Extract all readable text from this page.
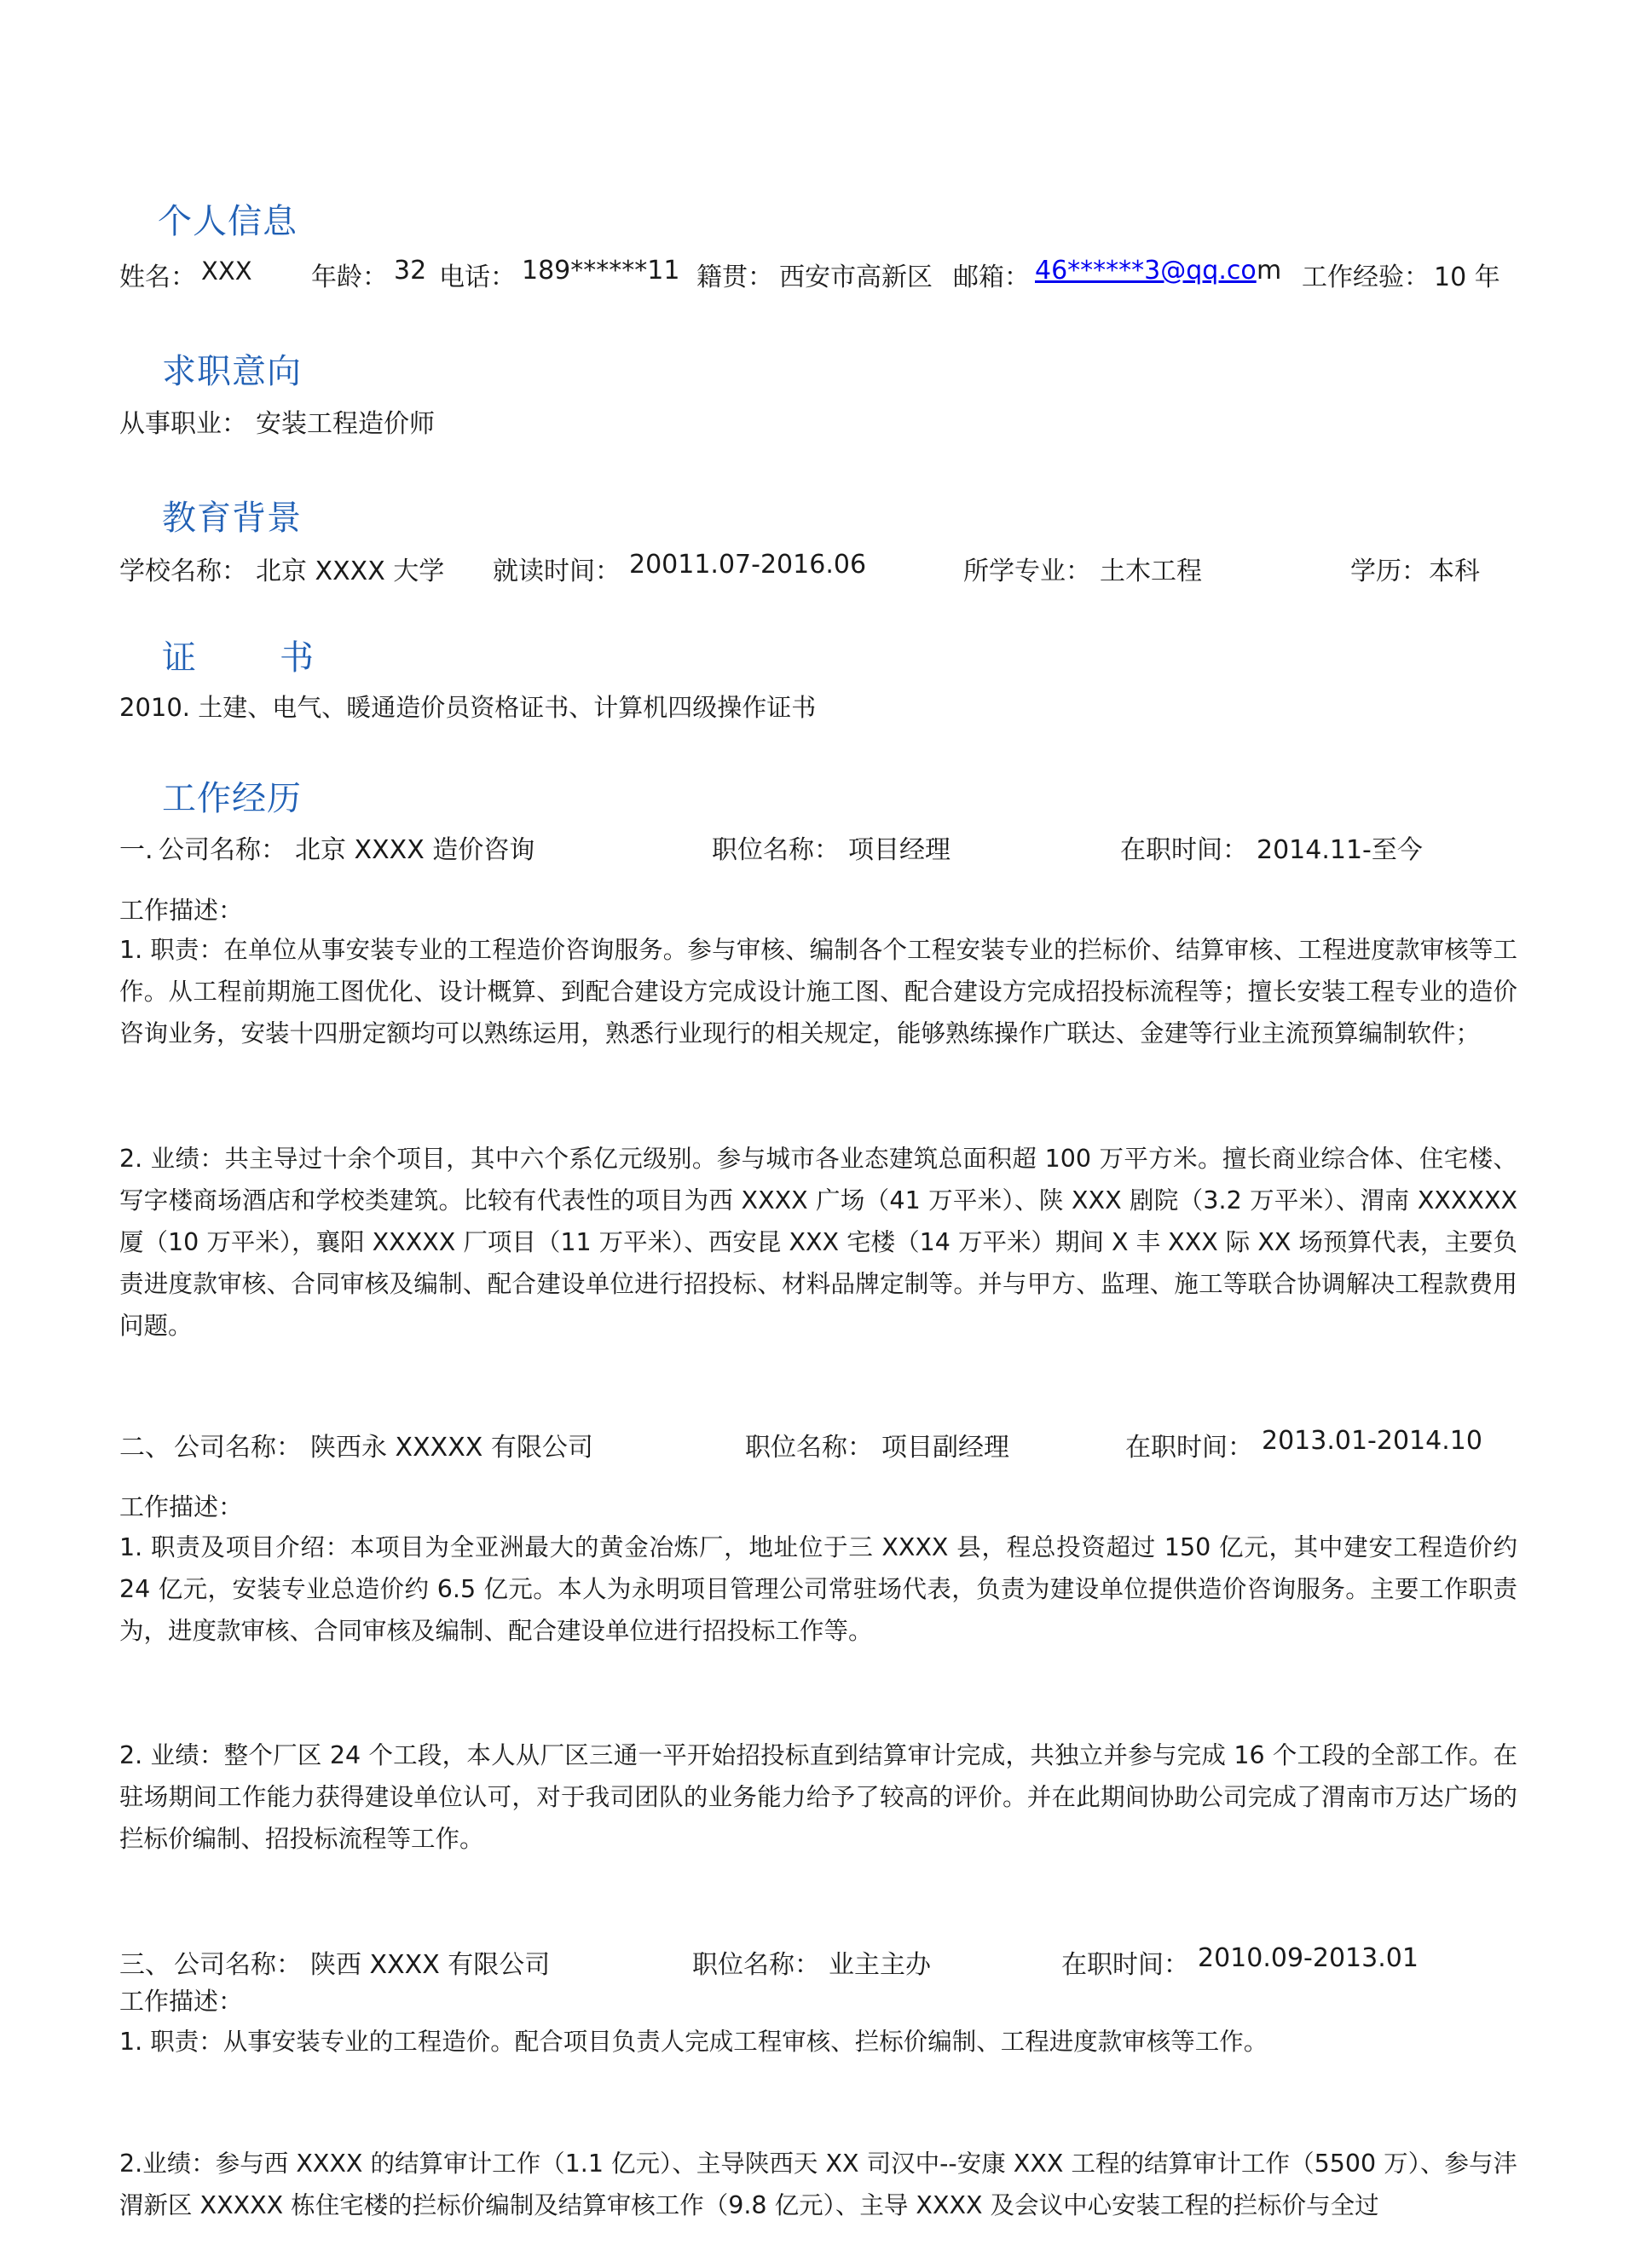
个人信息
姓名： XXX 年龄： 32 电话： 189******11 籍贯： 西安市高新区 邮箱： 46******3@qq.co m 工作经验： 10 年
求职意向
从事职业： 安装工程造价师
教育背景
学校名称： 北京 XXXX 大学 就读时间： 20011.07-2016.06	所学专业： 土木工程	学历： 本科
证 书
2010. 土建、电气、暖通造价员资格证书、计算机四级操作证书
工作经历
一. 公司名称： 北京 XXXX 造价咨询	职位名称： 项目经理	在职时间： 2014.11-至今
工作描述：
1. 职责：在单位从事安装专业的工程造价咨询服务。参与审核、编制各个工程安装专业的拦标价、结算审核、工程进度款审核等工作。从工程前期施工图优化、设计概算、到配合建设方完成设计施工图、配合建设方完成招投标流程等；擅长安装工程专业的造价咨询业务，安装十四册定额均可以熟练运用，熟悉行业现行的相关规定，能够熟练操作广联达、金建等行业主流预算编制软件；
2. 业绩：共主导过十余个项目，其中六个系亿元级别。参与城市各业态建筑总面积超 100 万平方米。擅长商业综合体、住宅楼、写字楼商场酒店和学校类建筑。比较有代表性的项目为西 XXXX 广场（41 万平米）、陕 XXX 剧院（3.2 万平米）、渭南 XXXXXX 厦（10 万平米），襄阳 XXXXX 厂项目（11 万平米）、西安昆 XXX 宅楼（14 万平米）期间 X 丰 XXX 际 XX 场预算代表，主要负责进度款审核、合同审核及编制、配合建设单位进行招投标、材料品牌定制等。并与甲方、监理、施工等联合协调解决工程款费用问题。
二、 公司名称： 陕西永 XXXXX 有限公司	职位名称： 项目副经理	在职时间： 2013.01-2014.10
工作描述：
1. 职责及项目介绍：本项目为全亚洲最大的黄金冶炼厂，地址位于三 XXXX 县，程总投资超过 150 亿元，其中建安工程造价约 24 亿元，安装专业总造价约 6.5 亿元。本人为永明项目管理公司常驻场代表，负责为建设单位提供造价咨询服务。主要工作职责为，进度款审核、合同审核及编制、配合建设单位进行招投标工作等。
2. 业绩：整个厂区 24 个工段，本人从厂区三通一平开始招投标直到结算审计完成，共独立并参与完成 16 个工段的全部工作。在驻场期间工作能力获得建设单位认可，对于我司团队的业务能力给予了较高的评价。并在此期间协助公司完成了渭南市万达广场的拦标价编制、招投标流程等工作。
三、 公司名称： 陕西 XXXX 有限公司	职位名称： 业主主办	在职时间： 2010.09-2013.01
工作描述：
1. 职责：从事安装专业的工程造价。配合项目负责人完成工程审核、拦标价编制、工程进度款审核等工作。
2.业绩：参与西 XXXX 的结算审计工作（1.1 亿元）、主导陕西天 XX 司汉中--安康 XXX 工程的结算审计工作（5500 万）、参与沣渭新区 XXXXX 栋住宅楼的拦标价编制及结算审核工作（9.8 亿元）、主导 XXXX 及会议中心安装工程的拦标价与全过
